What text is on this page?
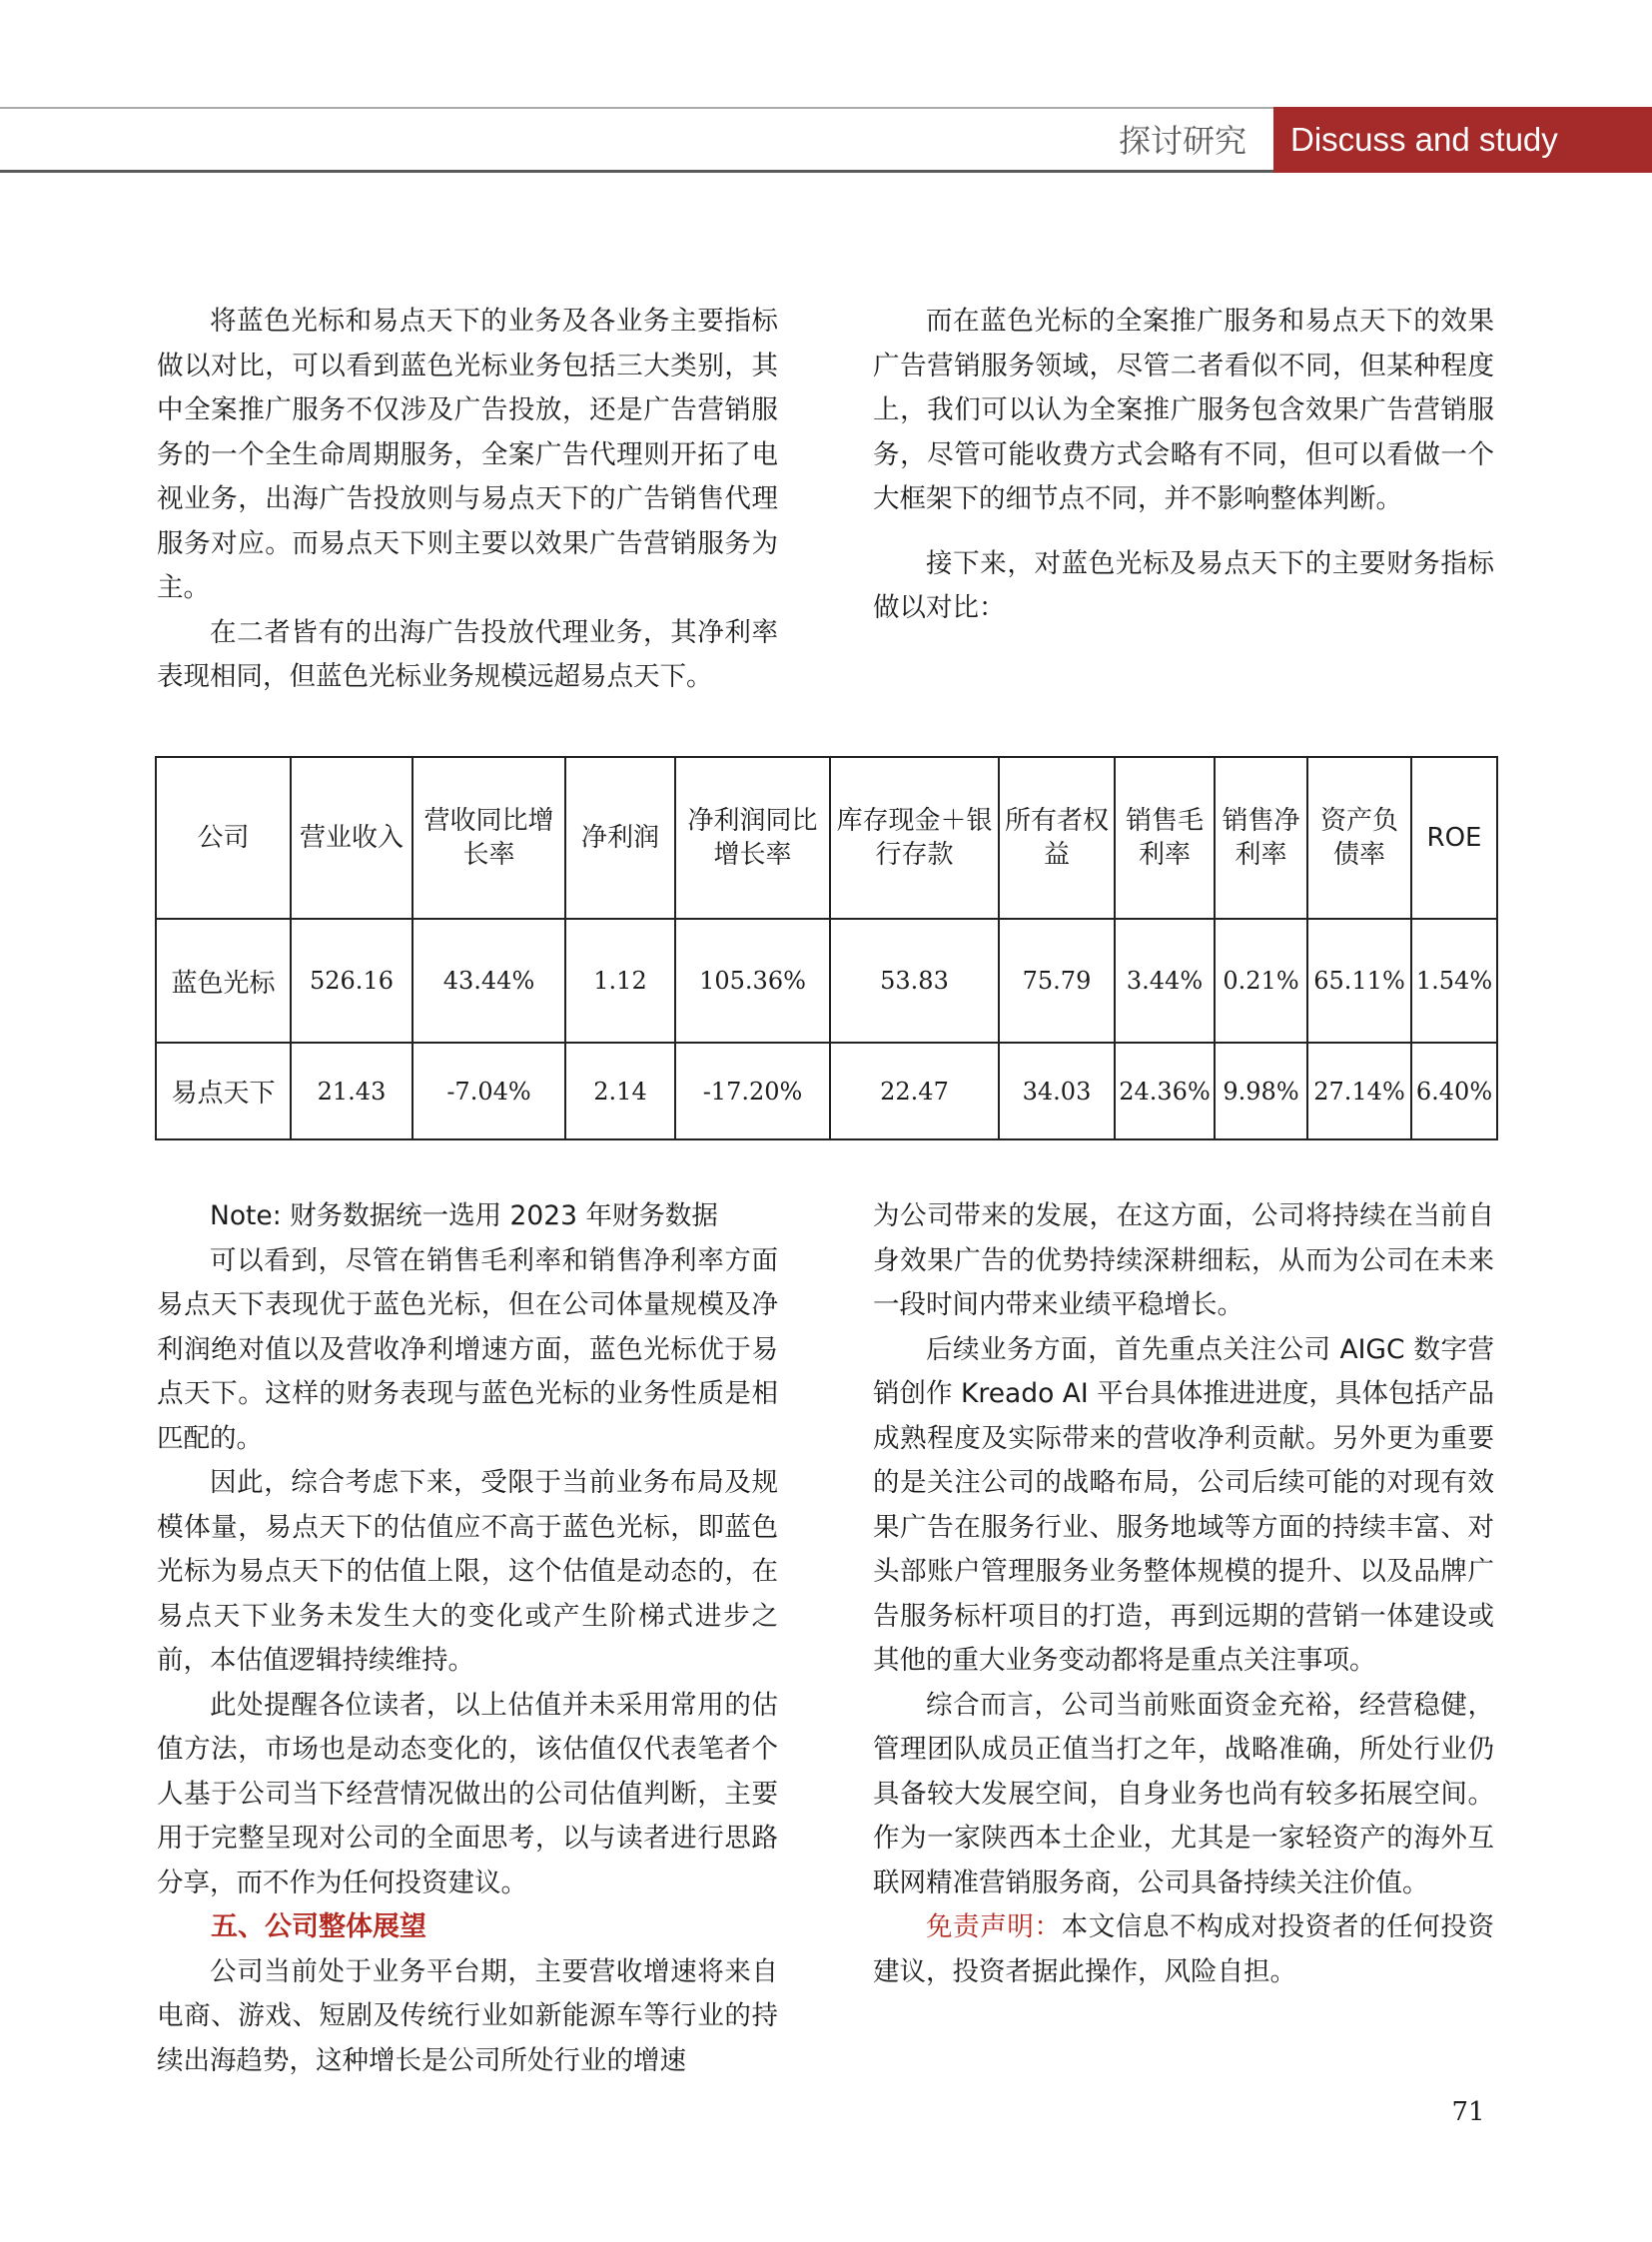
探讨研究	Discuss and study

将蓝色光标和易点天下的业务及各业务主要指标做以对比，可以看到蓝色光标业务包括三大类别，其中全案推广服务不仅涉及广告投放，还是广告营销服务的一个全生命周期服务，全案广告代理则开拓了电视业务，出海广告投放则与易点天下的广告销售代理服务对应。而易点天下则主要以效果广告营销服务为主。

在二者皆有的出海广告投放代理业务，其净利率表现相同，但蓝色光标业务规模远超易点天下。

而在蓝色光标的全案推广服务和易点天下的效果广告营销服务领域，尽管二者看似不同，但某种程度上，我们可以认为全案推广服务包含效果广告营销服务，尽管可能收费方式会略有不同，但可以看做一个大框架下的细节点不同，并不影响整体判断。

接下来，对蓝色光标及易点天下的主要财务指标做以对比：

公司	营业收入	营收同比增长率	净利润	净利润同比增长率	库存现金＋银行存款	所有者权益	销售毛利率	销售净利率	资产负债率	ROE
蓝色光标	526.16	43.44%	1.12	105.36%	53.83	75.79	3.44%	0.21%	65.11%	1.54%
易点天下	21.43	-7.04%	2.14	-17.20%	22.47	34.03	24.36%	9.98%	27.14%	6.40%

Note: 财务数据统一选用 2023 年财务数据

可以看到，尽管在销售毛利率和销售净利率方面易点天下表现优于蓝色光标，但在公司体量规模及净利润绝对值以及营收净利增速方面，蓝色光标优于易点天下。这样的财务表现与蓝色光标的业务性质是相匹配的。

因此，综合考虑下来，受限于当前业务布局及规模体量，易点天下的估值应不高于蓝色光标，即蓝色光标为易点天下的估值上限，这个估值是动态的，在易点天下业务未发生大的变化或产生阶梯式进步之前，本估值逻辑持续维持。

此处提醒各位读者，以上估值并未采用常用的估值方法，市场也是动态变化的，该估值仅代表笔者个人基于公司当下经营情况做出的公司估值判断，主要用于完整呈现对公司的全面思考，以与读者进行思路分享，而不作为任何投资建议。

五、公司整体展望

公司当前处于业务平台期，主要营收增速将来自电商、游戏、短剧及传统行业如新能源车等行业的持续出海趋势，这种增长是公司所处行业的增速

为公司带来的发展，在这方面，公司将持续在当前自身效果广告的优势持续深耕细耘，从而为公司在未来一段时间内带来业绩平稳增长。

后续业务方面，首先重点关注公司 AIGC 数字营销创作 Kreado AI 平台具体推进进度，具体包括产品成熟程度及实际带来的营收净利贡献。另外更为重要的是关注公司的战略布局，公司后续可能的对现有效果广告在服务行业、服务地域等方面的持续丰富、对头部账户管理服务业务整体规模的提升、以及品牌广告服务标杆项目的打造，再到远期的营销一体建设或其他的重大业务变动都将是重点关注事项。

综合而言，公司当前账面资金充裕，经营稳健，管理团队成员正值当打之年，战略准确，所处行业仍具备较大发展空间，自身业务也尚有较多拓展空间。作为一家陕西本土企业，尤其是一家轻资产的海外互联网精准营销服务商，公司具备持续关注价值。

免责声明：本文信息不构成对投资者的任何投资建议，投资者据此操作，风险自担。

71
